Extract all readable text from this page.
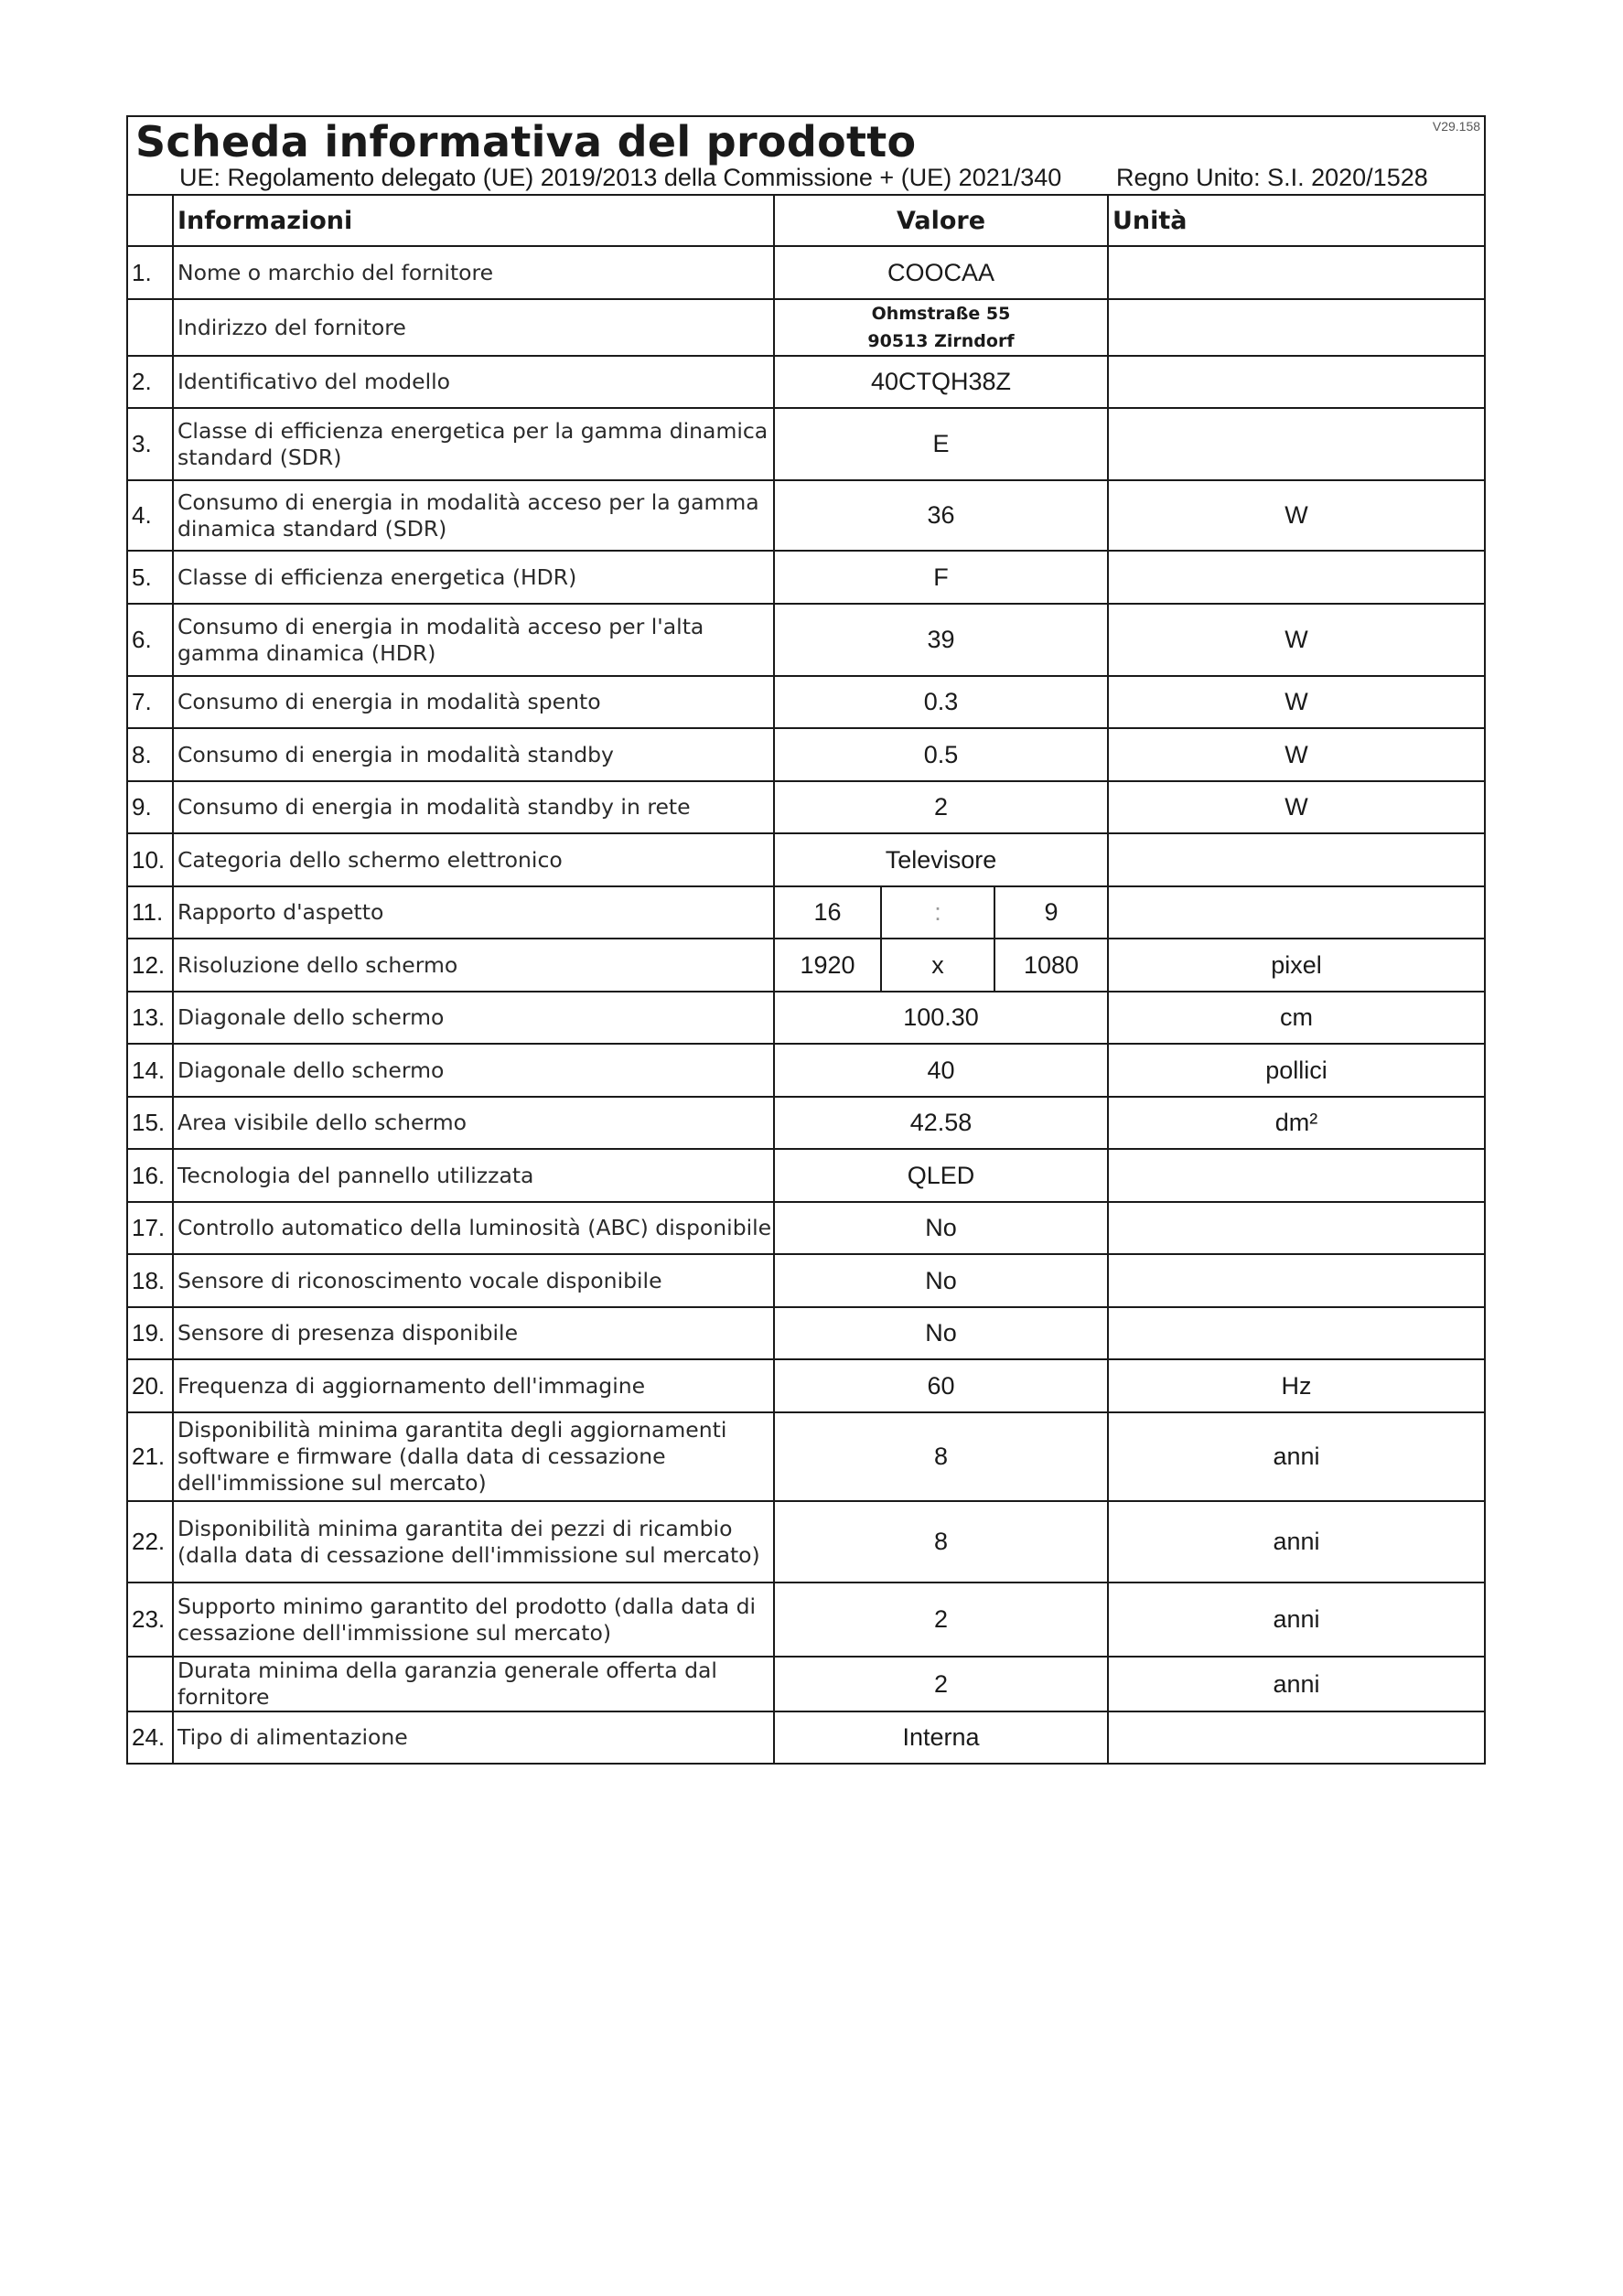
Scheda informativa del prodotto V29.158
UE: Regolamento delegato (UE) 2019/2013 della Commissione + (UE) 2021/340 Regno Unito: S.I. 2020/1528					

	Informazioni	Valore			Unità
1.	Nome o marchio del fornitore	COOCAA			
	Indirizzo del fornitore	Ohmstraße 55
90513 Zirndorf			

2.	Identificativo del modello	40CTQH38Z			
3.	Classe di efficienza energetica per la gamma dinamica standard (SDR)	E			
4.	Consumo di energia in modalità acceso per la gamma dinamica standard (SDR)	36			W
5.	Classe di efficienza energetica (HDR)	F			
6.	Consumo di energia in modalità acceso per l'alta gamma dinamica (HDR)	39			W
7.	Consumo di energia in modalità spento	0.3			W
8.	Consumo di energia in modalità standby	0.5			W
9.	Consumo di energia in modalità standby in rete	2			W
10.	Categoria dello schermo elettronico	Televisore			
11.	Rapporto d'aspetto	16	:	9	
12.	Risoluzione dello schermo	1920	x	1080	pixel
13.	Diagonale dello schermo	100.30			cm
14.	Diagonale dello schermo	40			pollici
15.	Area visibile dello schermo	42.58			dm²
16.	Tecnologia del pannello utilizzata	QLED			
17.	Controllo automatico della luminosità (ABC) disponibile	No			
18.	Sensore di riconoscimento vocale disponibile	No			
19.	Sensore di presenza disponibile	No			
20.	Frequenza di aggiornamento dell'immagine	60			Hz
21.	Disponibilità minima garantita degli aggiornamenti software e firmware (dalla data di cessazione dell'immissione sul mercato)	8			anni
22.	Disponibilità minima garantita dei pezzi di ricambio (dalla data di cessazione dell'immissione sul mercato)	8			anni
23.	Supporto minimo garantito del prodotto (dalla data di cessazione dell'immissione sul mercato)	2			anni
	Durata minima della garanzia generale offerta dal fornitore	2			anni
24.	Tipo di alimentazione	Interna			
